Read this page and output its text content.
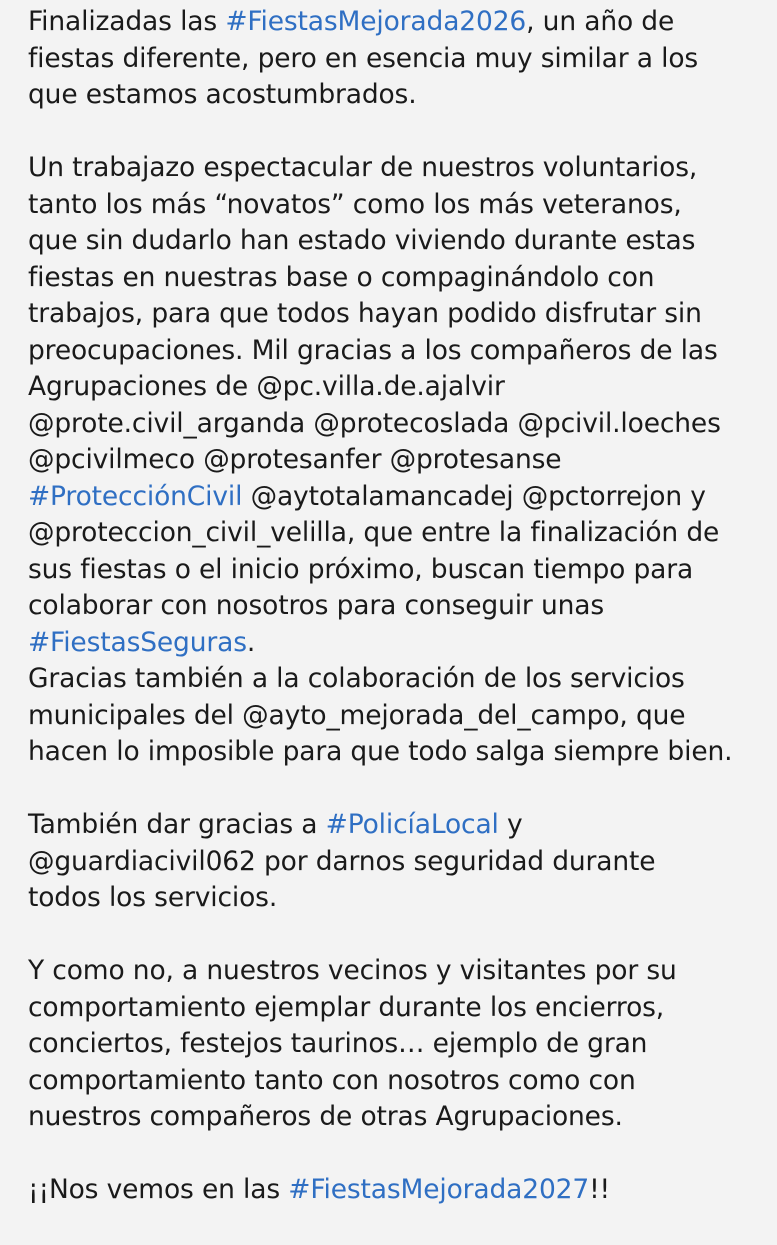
Finalizadas las #FiestasMejorada2026, un año de
fiestas diferente, pero en esencia muy similar a los
que estamos acostumbrados.
Un trabajazo espectacular de nuestros voluntarios,
tanto los más “novatos” como los más veteranos,
que sin dudarlo han estado viviendo durante estas
fiestas en nuestras base o compaginándolo con
trabajos, para que todos hayan podido disfrutar sin
preocupaciones. Mil gracias a los compañeros de las
Agrupaciones de @pc.villa.de.ajalvir
@prote.civil_arganda @protecoslada @pcivil.loeches
@pcivilmeco @protesanfer @protesanse
#ProtecciónCivil @aytotalamancadej @pctorrejon y
@proteccion_civil_velilla, que entre la finalización de
sus fiestas o el inicio próximo, buscan tiempo para
colaborar con nosotros para conseguir unas
#FiestasSeguras.
Gracias también a la colaboración de los servicios
municipales del @ayto_mejorada_del_campo, que
hacen lo imposible para que todo salga siempre bien.
También dar gracias a #PolicíaLocal y
@guardiacivil062 por darnos seguridad durante
todos los servicios.
Y como no, a nuestros vecinos y visitantes por su
comportamiento ejemplar durante los encierros,
conciertos, festejos taurinos… ejemplo de gran
comportamiento tanto con nosotros como con
nuestros compañeros de otras Agrupaciones.
¡¡Nos vemos en las #FiestasMejorada2027!!
